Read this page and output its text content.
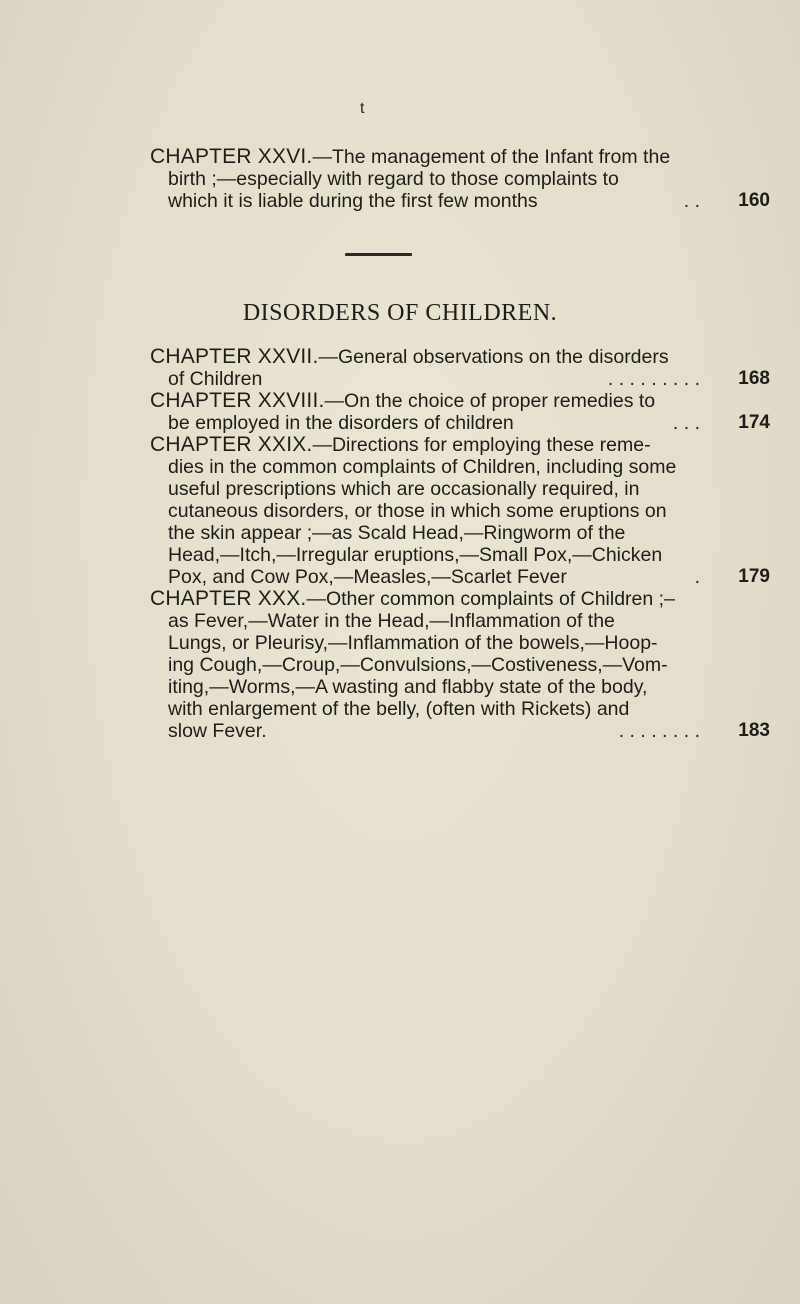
t
CHAPTER XXVI.—The management of the Infant from the
birth ;—especially with regard to those complaints to
which it is liable during the first few months	. . 160
DISORDERS OF CHILDREN.
CHAPTER XXVII.—General observations on the disorders
of Children	. . . . . . . . . 168
CHAPTER XXVIII.—On the choice of proper remedies to
be employed in the disorders of children	. . . 174
CHAPTER XXIX.—Directions for employing these reme-
dies in the common complaints of Children, including some
useful prescriptions which are occasionally required, in
cutaneous disorders, or those in which some eruptions on
the skin appear ;—as Scald Head,—Ringworm of the
Head,—Itch,—Irregular eruptions,—Small Pox,—Chicken
Pox, and Cow Pox,—Measles,—Scarlet Fever	. 179
CHAPTER XXX.—Other common complaints of Children ;–
as Fever,—Water in the Head,—Inflammation of the
Lungs, or Pleurisy,—Inflammation of the bowels,—Hoop-
ing Cough,—Croup,—Convulsions,—Costiveness,—Vom-
iting,—Worms,—A wasting and flabby state of the body,
with enlargement of the belly, (often with Rickets) and
slow Fever.	. . . . . . . . 183
